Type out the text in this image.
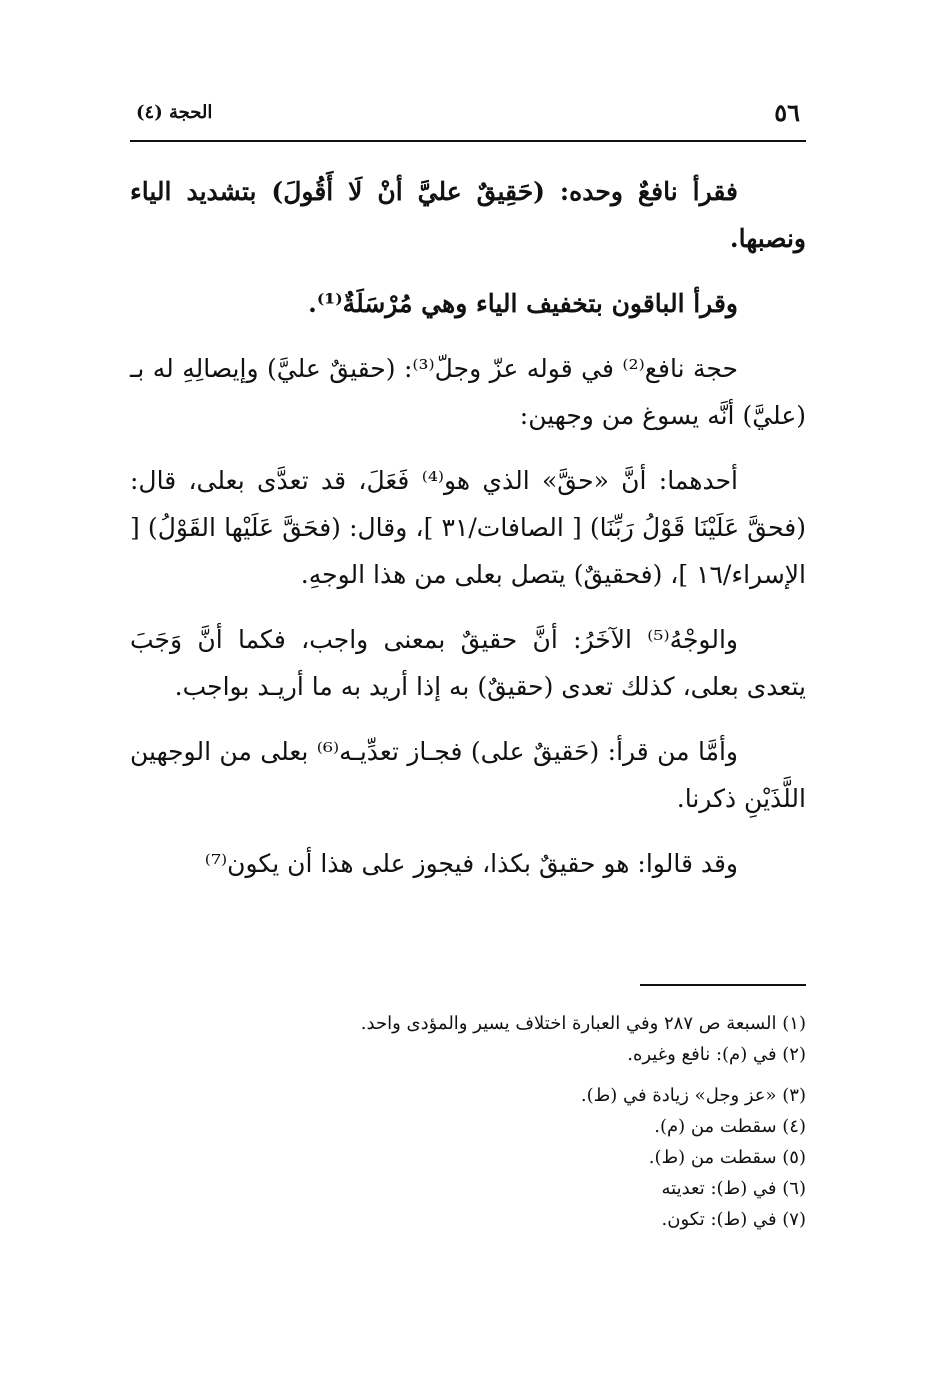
٥٦
الحجة (٤)

فقرأ نافعٌ وحده: (حَقِيقٌ عليَّ أنْ لَا أَقُولَ) بتشديد الياء ونصبها.

وقرأ الباقون بتخفيف الياء وهي مُرْسَلَةٌ⁽¹⁾.

حجة نافع⁽²⁾ في قوله عزّ وجلّ⁽³⁾: (حقيقٌ عليَّ) وإيصالِهِ له بـ (عليَّ) أنَّه يسوغ من وجهين:

أحدهما: أنَّ «حقَّ» الذي هو⁽⁴⁾ فَعَلَ، قد تعدَّى بعلى، قال: (فحقَّ عَلَيْنَا قَوْلُ رَبِّنَا) [ الصافات/٣١ ]، وقال: (فحَقَّ عَلَيْها القَوْلُ) [ الإسراء/١٦ ]، (فحقيقٌ) يتصل بعلى من هذا الوجهِ.

والوجْهُ⁽⁵⁾ الآخَرُ: أنَّ حقيقٌ بمعنى واجب، فكما أنَّ وَجَبَ يتعدى بعلى، كذلك تعدى (حقيقٌ) به إذا أريد به ما أريـد بواجب.

وأمَّا من قرأ: (حَقيقٌ على) فجـاز تعدِّيـه⁽⁶⁾ بعلى من الوجهين اللَّذَيْنِ ذكرنا.

وقد قالوا: هو حقيقٌ بكذا، فيجوز على هذا أن يكون⁽⁷⁾

(١) السبعة ص ٢٨٧ وفي العبارة اختلاف يسير والمؤدى واحد.

(٢) في (م): نافع وغيره.

(٣) «عز وجل» زيادة في (ط).

(٤) سقطت من (م).

(٥) سقطت من (ط).

(٦) في (ط): تعديته

(٧) في (ط): تكون.
